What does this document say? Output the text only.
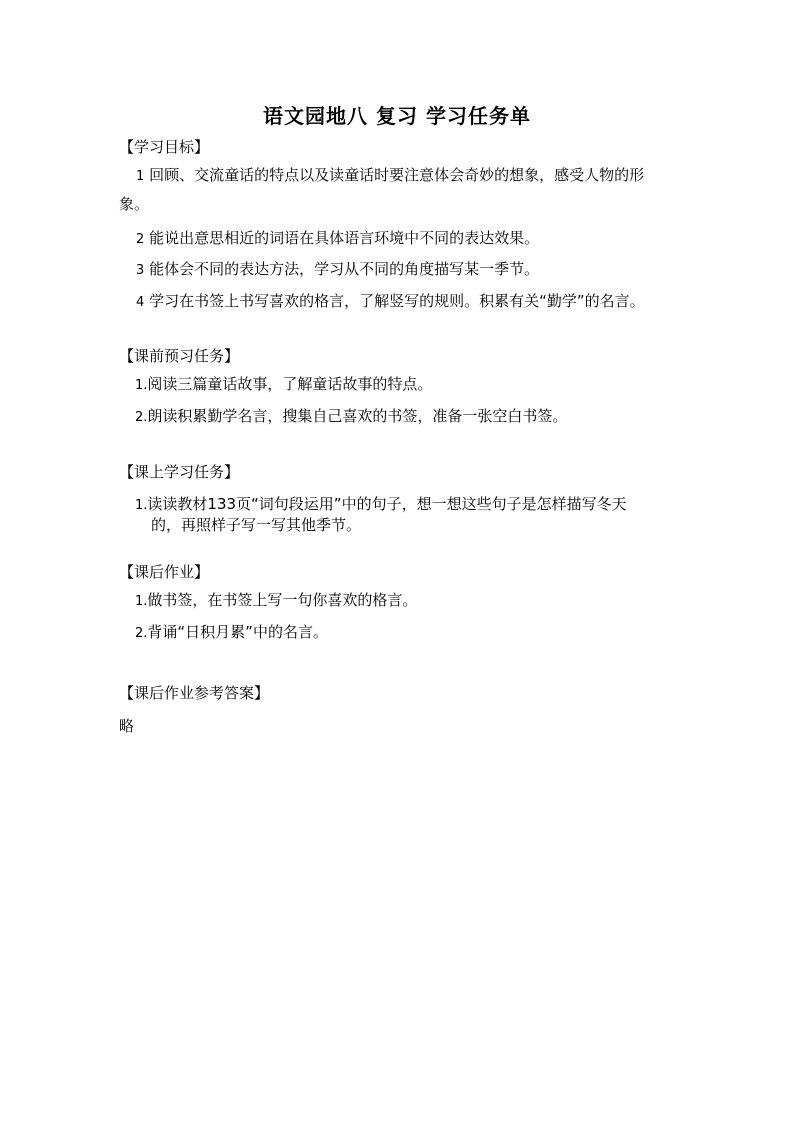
语文园地八 复习 学习任务单
【学习目标】
1 回顾、交流童话的特点以及读童话时要注意体会奇妙的想象，感受人物的形
象。
2 能说出意思相近的词语在具体语言环境中不同的表达效果。
3 能体会不同的表达方法，学习从不同的角度描写某一季节。
4 学习在书签上书写喜欢的格言，了解竖写的规则。积累有关“勤学”的名言。
【课前预习任务】
1.阅读三篇童话故事，了解童话故事的特点。
2.朗读积累勤学名言，搜集自己喜欢的书签，准备一张空白书签。
【课上学习任务】
1.读读教材133页“词句段运用”中的句子，想一想这些句子是怎样描写冬天
的，再照样子写一写其他季节。
【课后作业】
1.做书签，在书签上写一句你喜欢的格言。
2.背诵“日积月累”中的名言。
【课后作业参考答案】
略
